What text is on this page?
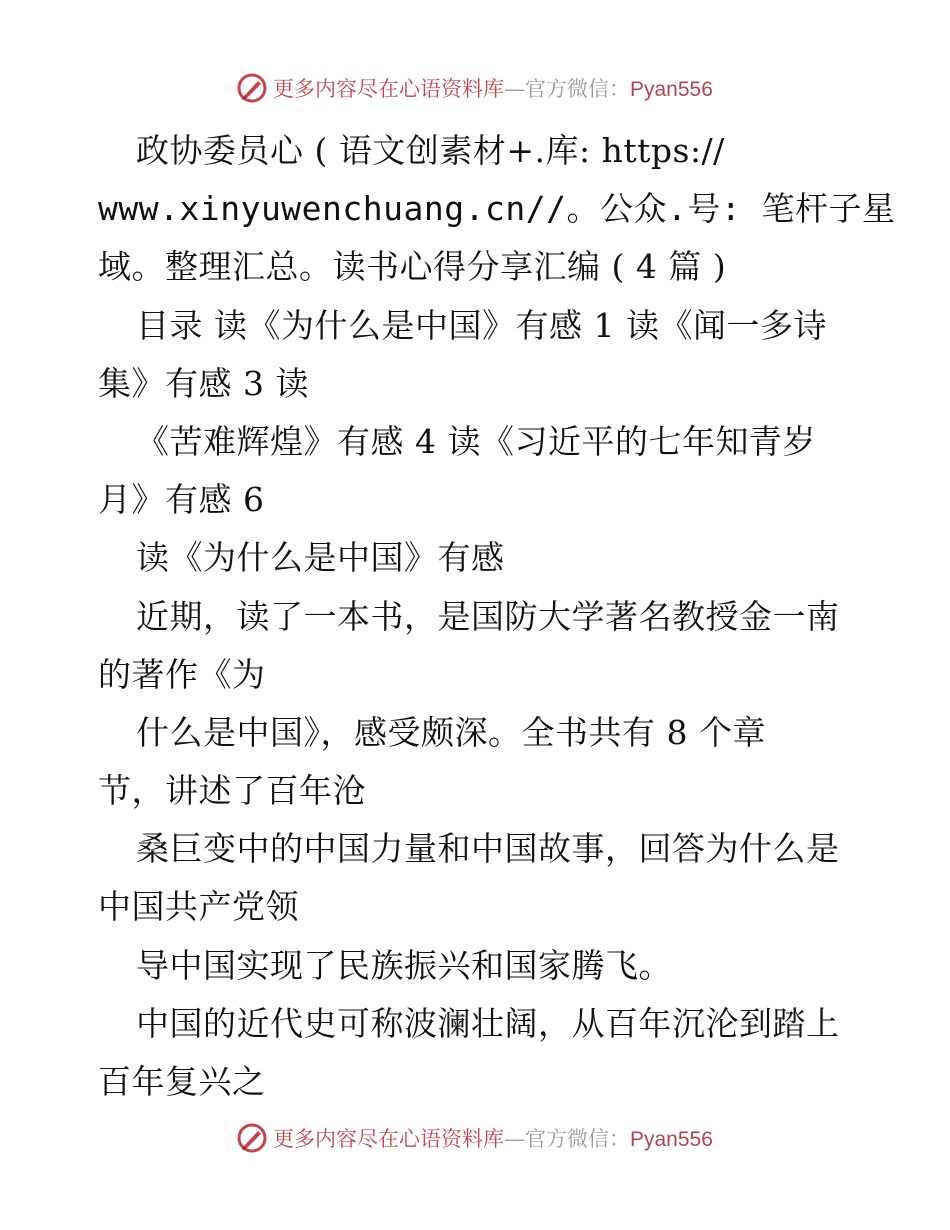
更多内容尽在心语资料库—官方微信：Pyan556
政协委员心 ( 语文创素材+.库: https://
www.xinyuwenchuang.cn//。公众.号: 笔杆子星
域。整理汇总。读书心得分享汇编 ( 4 篇 )
目录 读《为什么是中国》有感 1 读《闻一多诗
集》有感 3 读
《苦难辉煌》有感 4 读《习近平的七年知青岁
月》有感 6
读《为什么是中国》有感
近期，读了一本书，是国防大学著名教授金一南
的著作《为
什么是中国》，感受颇深。全书共有 8 个章
节，讲述了百年沧
桑巨变中的中国力量和中国故事，回答为什么是
中国共产党领
导中国实现了民族振兴和国家腾飞。
中国的近代史可称波澜壮阔，从百年沉沦到踏上
百年复兴之
更多内容尽在心语资料库—官方微信：Pyan556
